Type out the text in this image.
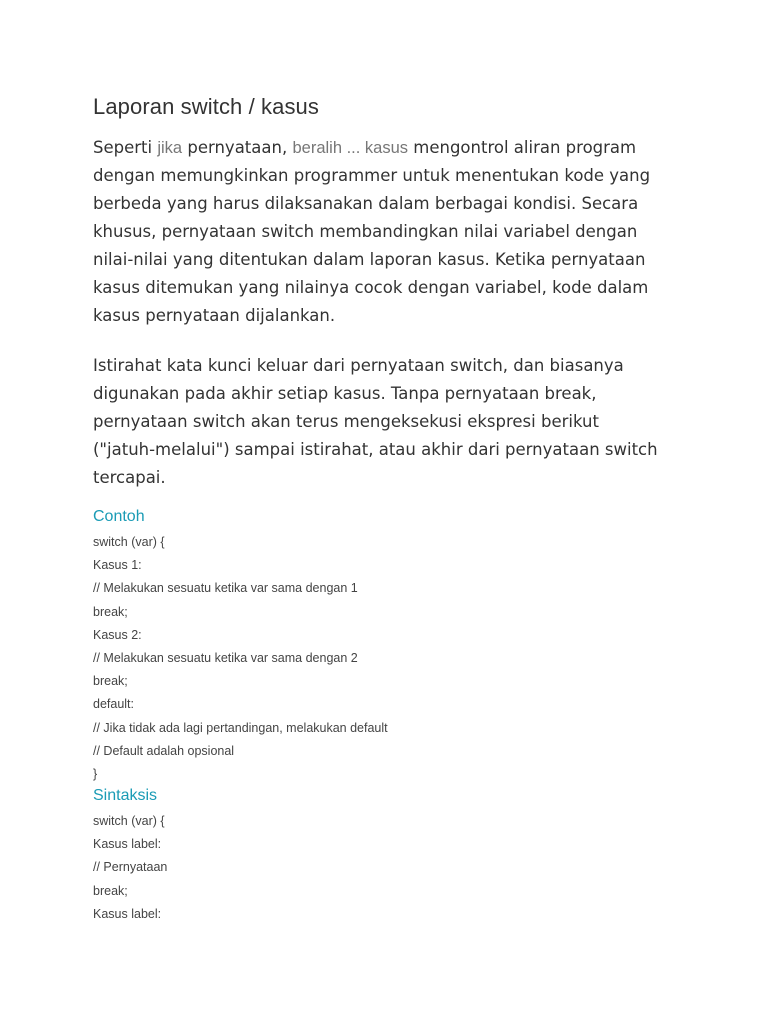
Laporan switch / kasus
Seperti jika pernyataan, beralih ... kasus mengontrol aliran program
dengan memungkinkan programmer untuk menentukan kode yang
berbeda yang harus dilaksanakan dalam berbagai kondisi. Secara
khusus, pernyataan switch membandingkan nilai variabel dengan
nilai-nilai yang ditentukan dalam laporan kasus. Ketika pernyataan
kasus ditemukan yang nilainya cocok dengan variabel, kode dalam
kasus pernyataan dijalankan.
Istirahat kata kunci keluar dari pernyataan switch, dan biasanya
digunakan pada akhir setiap kasus. Tanpa pernyataan break,
pernyataan switch akan terus mengeksekusi ekspresi berikut
("jatuh-melalui") sampai istirahat, atau akhir dari pernyataan switch
tercapai.
Contoh
switch (var) {
Kasus 1:
// Melakukan sesuatu ketika var sama dengan 1
break;
Kasus 2:
// Melakukan sesuatu ketika var sama dengan 2
break;
default:
// Jika tidak ada lagi pertandingan, melakukan default
// Default adalah opsional
}
Sintaksis
switch (var) {
Kasus label:
// Pernyataan
break;
Kasus label:
